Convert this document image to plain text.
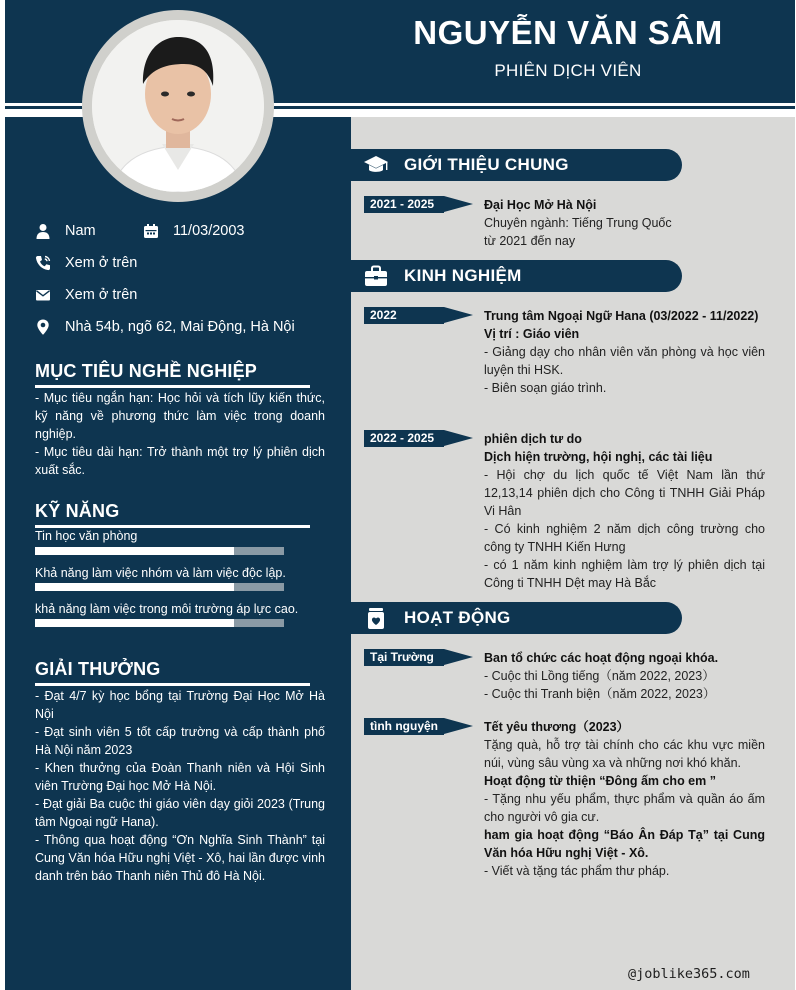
NGUYỄN VĂN SÂM
PHIÊN DỊCH VIÊN
Nam	11/03/2003
Xem ở trên
Xem ở trên
Nhà 54b, ngõ 62, Mai Động, Hà Nội
MỤC TIÊU NGHỀ NGHIỆP

- Mục tiêu ngắn hạn: Học hỏi và tích lũy kiến thức, kỹ năng về phương thức làm việc trong doanh nghiệp.

- Mục tiêu dài hạn: Trở thành một trợ lý phiên dịch xuất sắc.

KỸ NĂNG
Tin học văn phòng
Khả năng làm việc nhóm và làm việc độc lập.
khả năng làm việc trong môi trường áp lực cao.
GIẢI THƯỞNG

- Đạt 4/7 kỳ học bổng tại Trường Đại Học Mở Hà Nội

- Đạt sinh viên 5 tốt cấp trường và cấp thành phố Hà Nội năm 2023

- Khen thưởng của Đoàn Thanh niên và Hội Sinh viên Trường Đại học Mở Hà Nội.

- Đạt giải Ba cuộc thi giáo viên dạy giỏi 2023 (Trung tâm Ngoại ngữ Hana).

- Thông qua hoạt động “Ơn Nghĩa Sinh Thành” tại Cung Văn hóa Hữu nghị Việt - Xô, hai lần được vinh danh trên báo Thanh niên Thủ đô Hà Nội.

GIỚI THIỆU CHUNG
2021 - 2025	Đại Học Mở Hà Nội

Chuyên ngành: Tiếng Trung Quốc

từ 2021 đến nay

KINH NGHIỆM
2022	Trung tâm Ngoại Ngữ Hana (03/2022 - 11/2022)

Vị trí : Giáo viên

- Giảng dạy cho nhân viên văn phòng và học viên luyện thi HSK.

- Biên soạn giáo trình.

2022 - 2025	phiên dịch tư do

Dịch hiện trường, hội nghị, các tài liệu

- Hội chợ du lịch quốc tế Việt Nam lần thứ 12,13,14 phiên dịch cho Công ti TNHH Giải Pháp Vi Hân

- Có kinh nghiệm 2 năm dịch công trường cho công ty TNHH Kiến Hưng

- có 1 năm kinh nghiệm làm trợ lý phiên dịch tại Công ti TNHH Dệt may Hà Bắc

HOẠT ĐỘNG
Tại Trường	Ban tổ chức các hoạt động ngoại khóa.

- Cuộc thi Lồng tiếng（năm 2022, 2023）

- Cuộc thi Tranh biện（năm 2022, 2023）

tình nguyện	Tết yêu thương（2023）

Tặng quà, hỗ trợ tài chính cho các khu vực miền núi, vùng sâu vùng xa và những nơi khó khăn.

Hoạt động từ thiện “Đông ấm cho em ”

- Tặng nhu yếu phẩm, thực phẩm và quần áo ấm cho người vô gia cư.

ham gia hoạt động “Báo Ân Đáp Tạ” tại Cung Văn hóa Hữu nghị Việt - Xô.

- Viết và tặng tác phẩm thư pháp.

@joblike365.com
